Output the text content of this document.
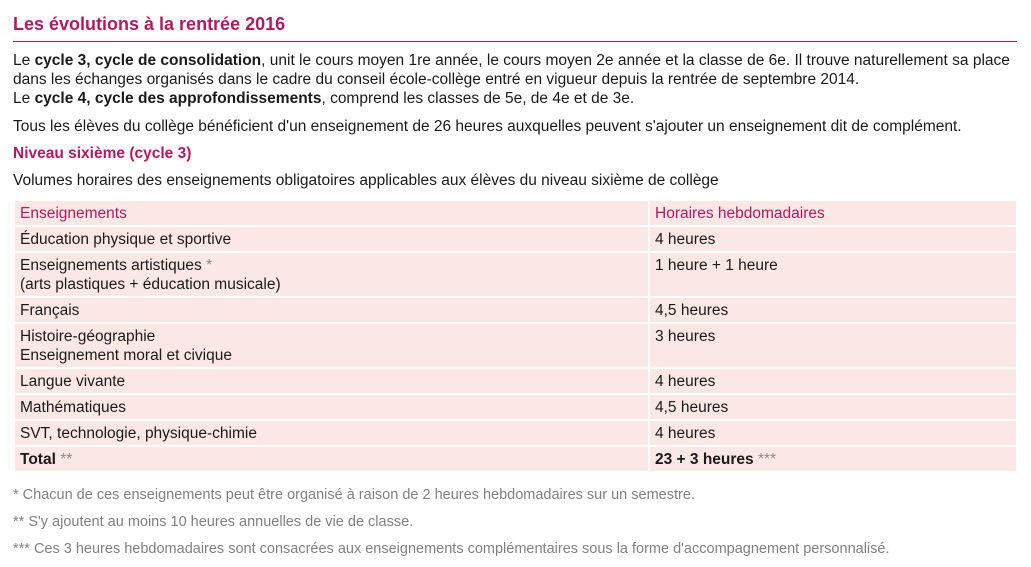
Les évolutions à la rentrée 2016

Le cycle 3, cycle de consolidation, unit le cours moyen 1re année, le cours moyen 2e année et la classe de 6e. Il trouve naturellement sa place dans les échanges organisés dans le cadre du conseil école-collège entré en vigueur depuis la rentrée de septembre 2014.

Le cycle 4, cycle des approfondissements, comprend les classes de 5e, de 4e et de 3e.

Tous les élèves du collège bénéficient d'un enseignement de 26 heures auxquelles peuvent s'ajouter un enseignement dit de complément.

Niveau sixième (cycle 3)

Volumes horaires des enseignements obligatoires applicables aux élèves du niveau sixième de collège

Enseignements	Horaires hebdomadaires
Éducation physique et sportive	4 heures
Enseignements artistiques *
(arts plastiques + éducation musicale)	1 heure + 1 heure
Français	4,5 heures
Histoire-géographie
Enseignement moral et civique	3 heures
Langue vivante	4 heures
Mathématiques	4,5 heures
SVT, technologie, physique-chimie	4 heures
Total **	23 + 3 heures ***

* Chacun de ces enseignements peut être organisé à raison de 2 heures hebdomadaires sur un semestre.

** S'y ajoutent au moins 10 heures annuelles de vie de classe.

*** Ces 3 heures hebdomadaires sont consacrées aux enseignements complémentaires sous la forme d'accompagnement personnalisé.
